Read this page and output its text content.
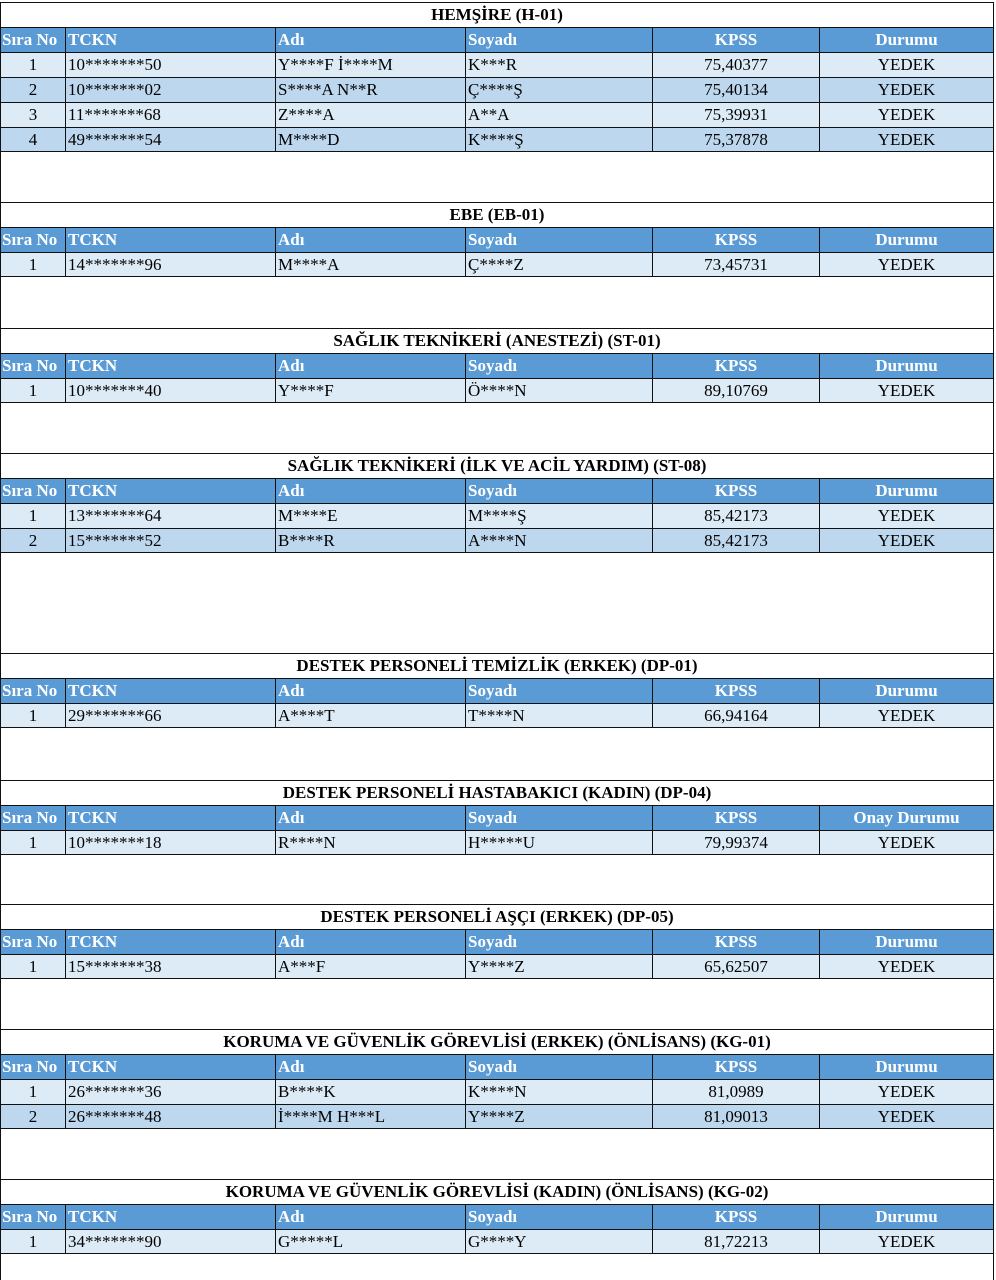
HEMŞİRE (H-01)
Sıra No TCKN	Adı	Soyadı	KPSS	Durumu
1	10*******50	Y****F İ****M	K***R	75,40377	YEDEK
2	10*******02	S****A N**R	Ç****Ş	75,40134	YEDEK
3	11*******68	Z****A	A**A	75,39931	YEDEK
4	49*******54	M****D	K****Ş	75,37878	YEDEK
EBE (EB-01)
Sıra No TCKN	Adı	Soyadı	KPSS	Durumu
1	14*******96	M****A	Ç****Z	73,45731	YEDEK
SAĞLIK TEKNİKERİ (ANESTEZİ) (ST-01)
Sıra No TCKN	Adı	Soyadı	KPSS	Durumu
1	10*******40	Y****F	Ö****N	89,10769	YEDEK
SAĞLIK TEKNİKERİ (İLK VE ACİL YARDIM) (ST-08)
Sıra No TCKN	Adı	Soyadı	KPSS	Durumu
1	13*******64	M****E	M****Ş	85,42173	YEDEK
2	15*******52	B****R	A****N	85,42173	YEDEK
DESTEK PERSONELİ TEMİZLİK (ERKEK) (DP-01)
Sıra No TCKN	Adı	Soyadı	KPSS	Durumu
1	29*******66	A****T	T****N	66,94164	YEDEK
DESTEK PERSONELİ HASTABAKICI (KADIN) (DP-04)
Sıra No TCKN	Adı	Soyadı	KPSS	Onay Durumu
1	10*******18	R****N	H*****U	79,99374	YEDEK
DESTEK PERSONELİ AŞÇI (ERKEK) (DP-05)
Sıra No TCKN	Adı	Soyadı	KPSS	Durumu
1	15*******38	A***F	Y****Z	65,62507	YEDEK
KORUMA VE GÜVENLİK GÖREVLİSİ (ERKEK) (ÖNLİSANS) (KG-01)
Sıra No TCKN	Adı	Soyadı	KPSS	Durumu
1	26*******36	B****K	K****N	81,0989	YEDEK
2	26*******48	İ****M H***L	Y****Z	81,09013	YEDEK
KORUMA VE GÜVENLİK GÖREVLİSİ (KADIN) (ÖNLİSANS) (KG-02)
Sıra No TCKN	Adı	Soyadı	KPSS	Durumu
1	34*******90	G*****L	G****Y	81,72213	YEDEK
